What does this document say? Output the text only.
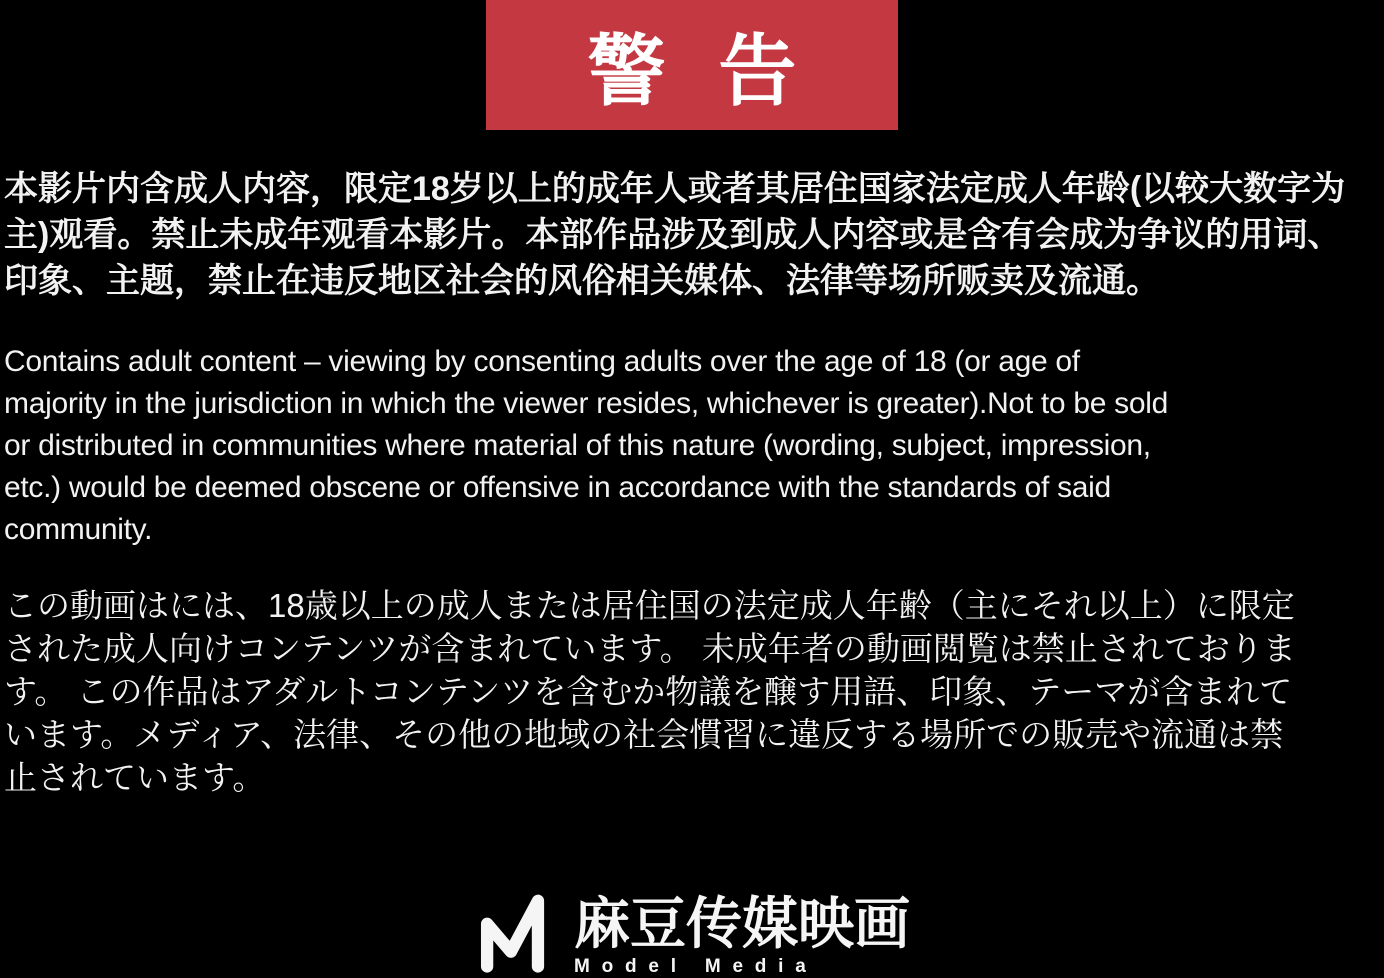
警 告
本影片内含成人内容，限定18岁以上的成年人或者其居住国家法定成人年龄(以较大数字为
主)观看。禁止未成年观看本影片。本部作品涉及到成人内容或是含有会成为争议的用词、
印象、主题，禁止在违反地区社会的风俗相关媒体、法律等场所贩卖及流通。
Contains adult content – viewing by consenting adults over the age of 18 (or age of
majority in the jurisdiction in which the viewer resides, whichever is greater).Not to be sold
or distributed in communities where material of this nature (wording, subject, impression,
etc.) would be deemed obscene or offensive in accordance with the standards of said
community.
この動画はには、18歳以上の成人または居住国の法定成人年齢（主にそれ以上）に限定
された成人向けコンテンツが含まれています。 未成年者の動画閲覧は禁止されておりま
す。 この作品はアダルトコンテンツを含むか物議を醸す用語、印象、テーマが含まれて
います。メディア、法律、その他の地域の社会慣習に違反する場所での販売や流通は禁
止されています。
麻豆传媒映画
Model Media
